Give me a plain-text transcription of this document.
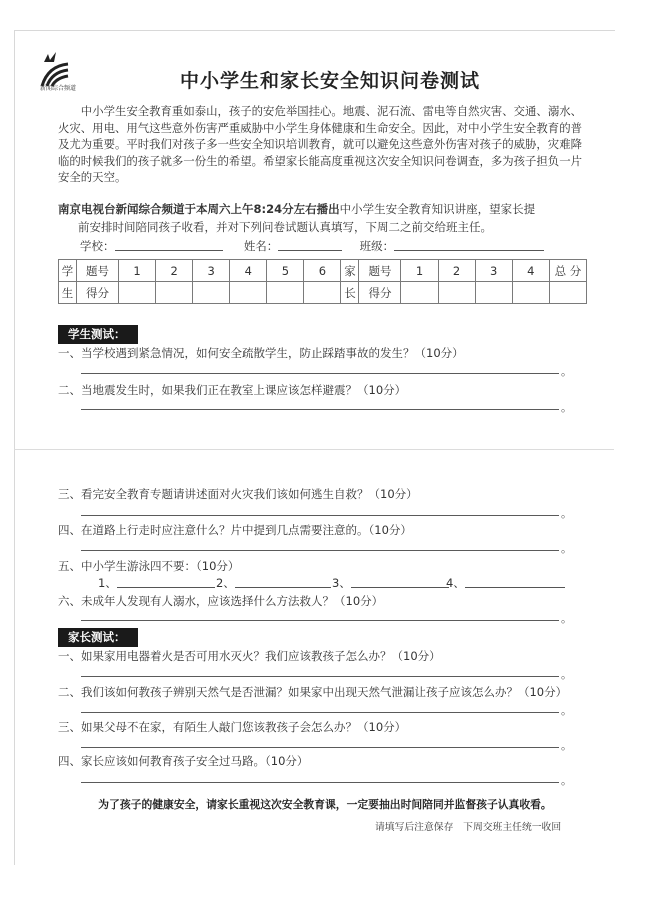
新闻综合频道	中小学生和家长安全知识问卷测试
中小学生安全教育重如泰山，孩子的安危举国挂心。地震、泥石流、雷电等自然灾害、交通、溺水、火灾、用电、用气这些意外伤害严重威胁中小学生身体健康和生命安全。因此，对中小学生安全教育的普及尤为重要。平时我们对孩子多一些安全知识培训教育，就可以避免这些意外伤害对孩子的威胁，灾难降临的时候我们的孩子就多一份生的希望。希望家长能高度重视这次安全知识问卷调查，多为孩子担负一片安全的天空。
南京电视台新闻综合频道于本周六上午8:24分左右播出中小学生安全教育知识讲座，望家长提
前安排时间陪同孩子收看，并对下列问卷试题认真填写，下周二之前交给班主任。
学校：	姓名：	班级：
学	题号	1	2	3	4	5	6	家	题号	1	2	3	4	总 分
生	得分							长	得分					
学生测试：
一、当学校遇到紧急情况，如何安全疏散学生，防止踩踏事故的发生？（10分）
。
二、当地震发生时，如果我们正在教室上课应该怎样避震？（10分）
。
三、看完安全教育专题请讲述面对火灾我们该如何逃生自救？（10分）
。
四、在道路上行走时应注意什么？片中提到几点需要注意的。（10分）
。
五、中小学生游泳四不要：（10分）
1、	2、	3、	4、
六、未成年人发现有人溺水，应该选择什么方法救人？（10分）
。
家长测试：
一、如果家用电器着火是否可用水灭火？我们应该教孩子怎么办？（10分）
。
二、我们该如何教孩子辨别天然气是否泄漏？如果家中出现天然气泄漏让孩子应该怎么办？（10分）
。
三、如果父母不在家，有陌生人敲门您该教孩子会怎么办？（10分）
。
四、家长应该如何教育孩子安全过马路。（10分）
。
为了孩子的健康安全，请家长重视这次安全教育课，一定要抽出时间陪同并监督孩子认真收看。
请填写后注意保存　下周交班主任统一收回
